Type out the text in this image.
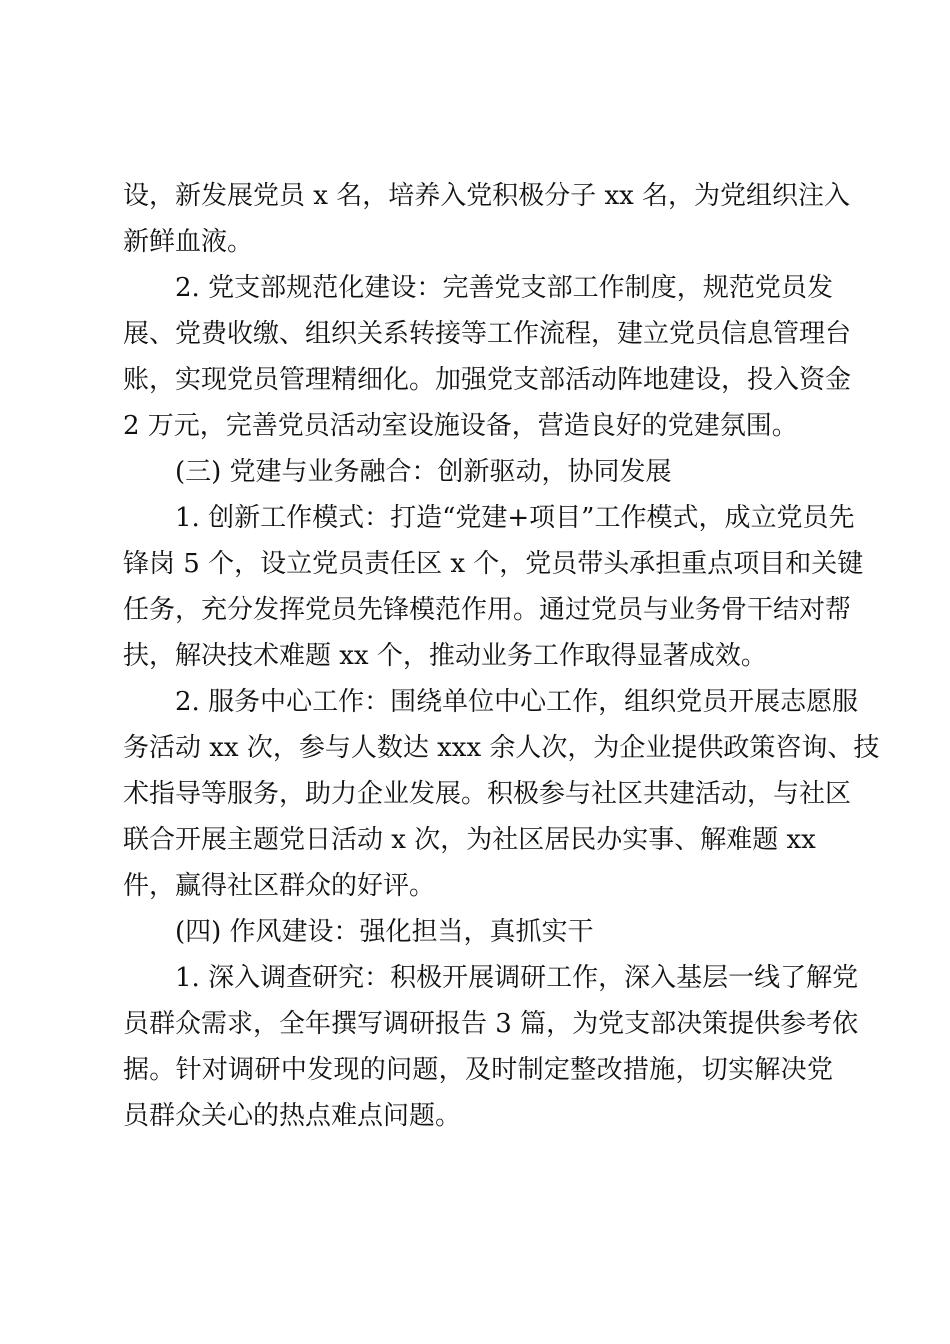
设，新发展党员 x 名，培养入党积极分子 xx 名，为党组织注入
新鲜血液。
2. 党支部规范化建设：完善党支部工作制度，规范党员发
展、党费收缴、组织关系转接等工作流程，建立党员信息管理台
账，实现党员管理精细化。加强党支部活动阵地建设，投入资金
2 万元，完善党员活动室设施设备，营造良好的党建氛围。
(三) 党建与业务融合：创新驱动，协同发展
1. 创新工作模式：打造“党建+项目”工作模式，成立党员先
锋岗 5 个，设立党员责任区 x 个，党员带头承担重点项目和关键
任务，充分发挥党员先锋模范作用。通过党员与业务骨干结对帮
扶，解决技术难题 xx 个，推动业务工作取得显著成效。
2. 服务中心工作：围绕单位中心工作，组织党员开展志愿服
务活动 xx 次，参与人数达 xxx 余人次，为企业提供政策咨询、技
术指导等服务，助力企业发展。积极参与社区共建活动，与社区
联合开展主题党日活动 x 次，为社区居民办实事、解难题 xx
件，赢得社区群众的好评。
(四) 作风建设：强化担当，真抓实干
1. 深入调查研究：积极开展调研工作，深入基层一线了解党
员群众需求，全年撰写调研报告 3 篇，为党支部决策提供参考依
据。针对调研中发现的问题，及时制定整改措施，切实解决党
员群众关心的热点难点问题。
